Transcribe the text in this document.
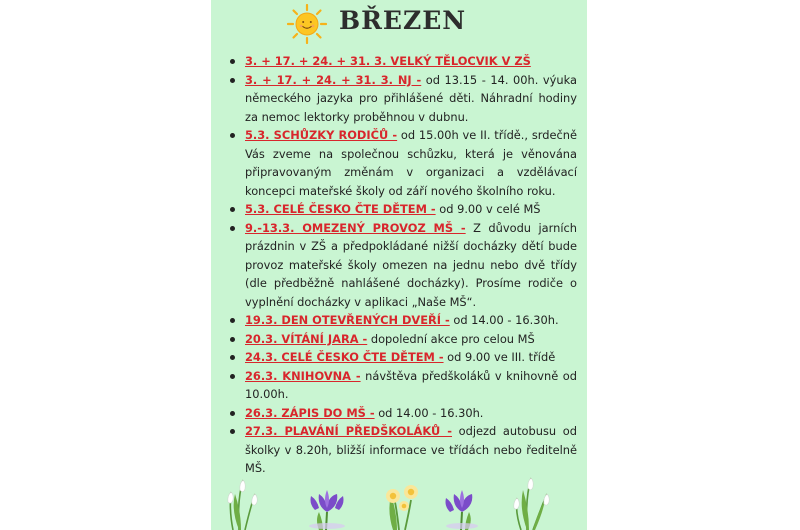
BŘEZEN
3. + 17. + 24. + 31. 3. VELKÝ TĚLOCVIK V ZŠ
3. + 17. + 24. + 31. 3. NJ - od 13.15 - 14. 00h. výuka německého jazyka pro přihlášené děti. Náhradní hodiny za nemoc lektorky proběhnou v dubnu.
5.3. SCHŮZKY RODIČŮ - od 15.00h ve II. třídě., srdečně Vás zveme na společnou schůzku, která je věnována připravovaným změnám v organizaci a vzdělávací koncepci mateřské školy od září nového školního roku.
5.3. CELÉ ČESKO ČTE DĚTEM - od 9.00 v celé MŠ
9.-13.3. OMEZENÝ PROVOZ MŠ - Z důvodu jarních prázdnin v ZŠ a předpokládané nižší docházky dětí bude provoz mateřské školy omezen na jednu nebo dvě třídy (dle předběžně nahlášené docházky). Prosíme rodiče o vyplnění docházky v aplikaci „Naše MŠ“.
19.3. DEN OTEVŘENÝCH DVEŘÍ - od 14.00 - 16.30h.
20.3. VÍTÁNÍ JARA - dopolední akce pro celou MŠ
24.3. CELÉ ČESKO ČTE DĚTEM - od 9.00 ve III. třídě
26.3. KNIHOVNA - návštěva předškoláků v knihovně od 10.00h.
26.3. ZÁPIS DO MŠ - od 14.00 - 16.30h.
27.3. PLAVÁNÍ PŘEDŠKOLÁKŮ - odjezd autobusu od školky v 8.20h, bližší informace ve třídách nebo ředitelně MŠ.
